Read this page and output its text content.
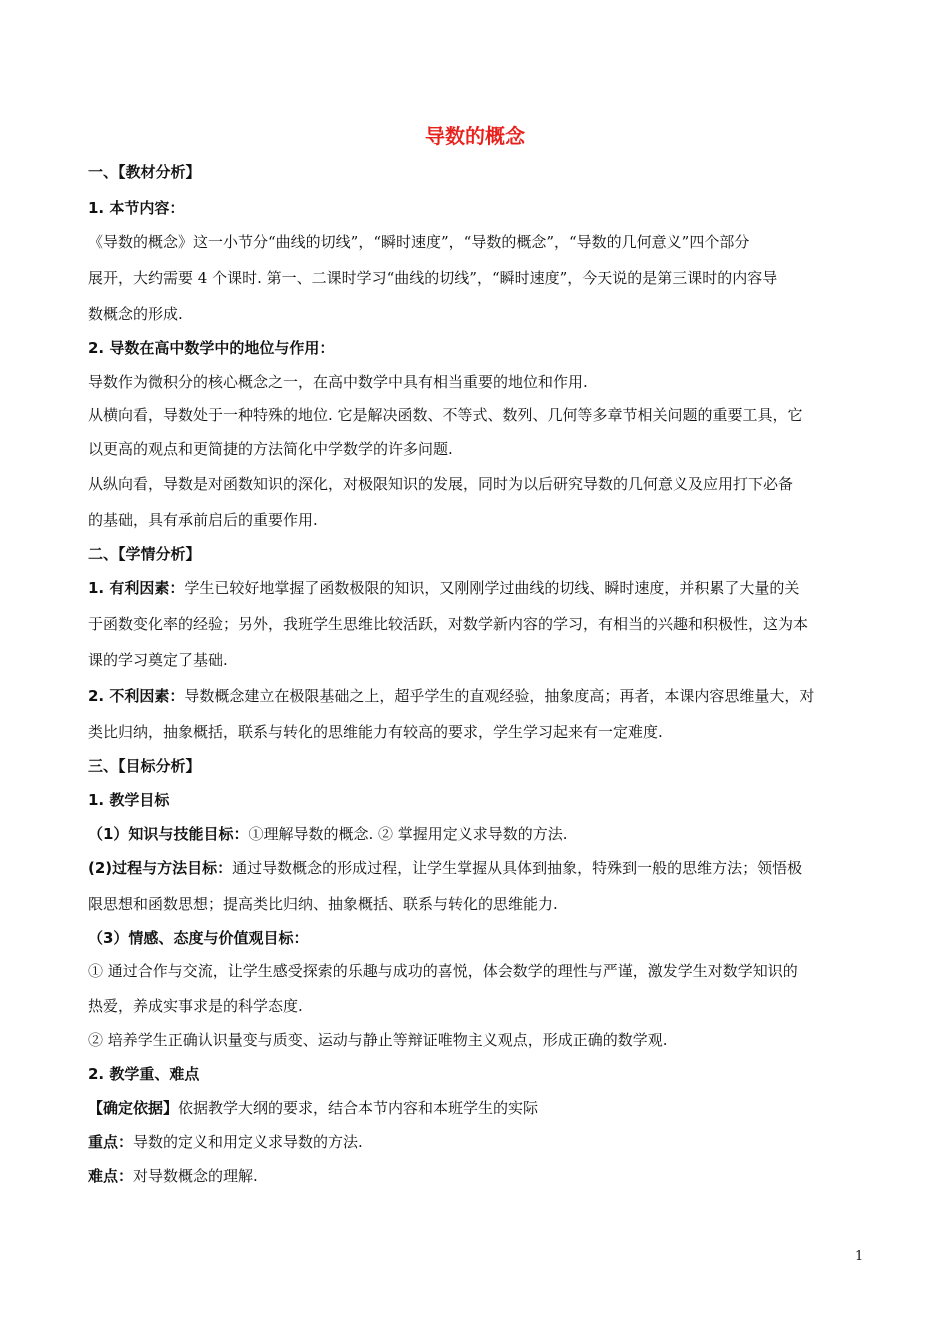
导数的概念
一、【教材分析】
1. 本节内容：
《导数的概念》这一小节分“曲线的切线”，“瞬时速度”，“导数的概念”，“导数的几何意义”四个部分
展开，大约需要 4 个课时. 第一、二课时学习“曲线的切线”，“瞬时速度”，今天说的是第三课时的内容导
数概念的形成.
2. 导数在高中数学中的地位与作用：
导数作为微积分的核心概念之一，在高中数学中具有相当重要的地位和作用.
从横向看，导数处于一种特殊的地位. 它是解决函数、不等式、数列、几何等多章节相关问题的重要工具，它
以更高的观点和更简捷的方法简化中学数学的许多问题.
从纵向看，导数是对函数知识的深化，对极限知识的发展，同时为以后研究导数的几何意义及应用打下必备
的基础，具有承前启后的重要作用.
二、【学情分析】
1. 有利因素：学生已较好地掌握了函数极限的知识，又刚刚学过曲线的切线、瞬时速度，并积累了大量的关
于函数变化率的经验；另外，我班学生思维比较活跃，对数学新内容的学习，有相当的兴趣和积极性，这为本
课的学习奠定了基础.
2. 不利因素：导数概念建立在极限基础之上，超乎学生的直观经验，抽象度高；再者，本课内容思维量大，对
类比归纳，抽象概括，联系与转化的思维能力有较高的要求，学生学习起来有一定难度.
三、【目标分析】
1. 教学目标
（1）知识与技能目标：①理解导数的概念. ② 掌握用定义求导数的方法.
(2)过程与方法目标：通过导数概念的形成过程，让学生掌握从具体到抽象，特殊到一般的思维方法；领悟极
限思想和函数思想；提高类比归纳、抽象概括、联系与转化的思维能力.
（3）情感、态度与价值观目标：
① 通过合作与交流，让学生感受探索的乐趣与成功的喜悦，体会数学的理性与严谨，激发学生对数学知识的
热爱，养成实事求是的科学态度.
② 培养学生正确认识量变与质变、运动与静止等辩证唯物主义观点，形成正确的数学观.
2. 教学重、难点
【确定依据】依据教学大纲的要求，结合本节内容和本班学生的实际
重点：导数的定义和用定义求导数的方法.
难点：对导数概念的理解.
1
